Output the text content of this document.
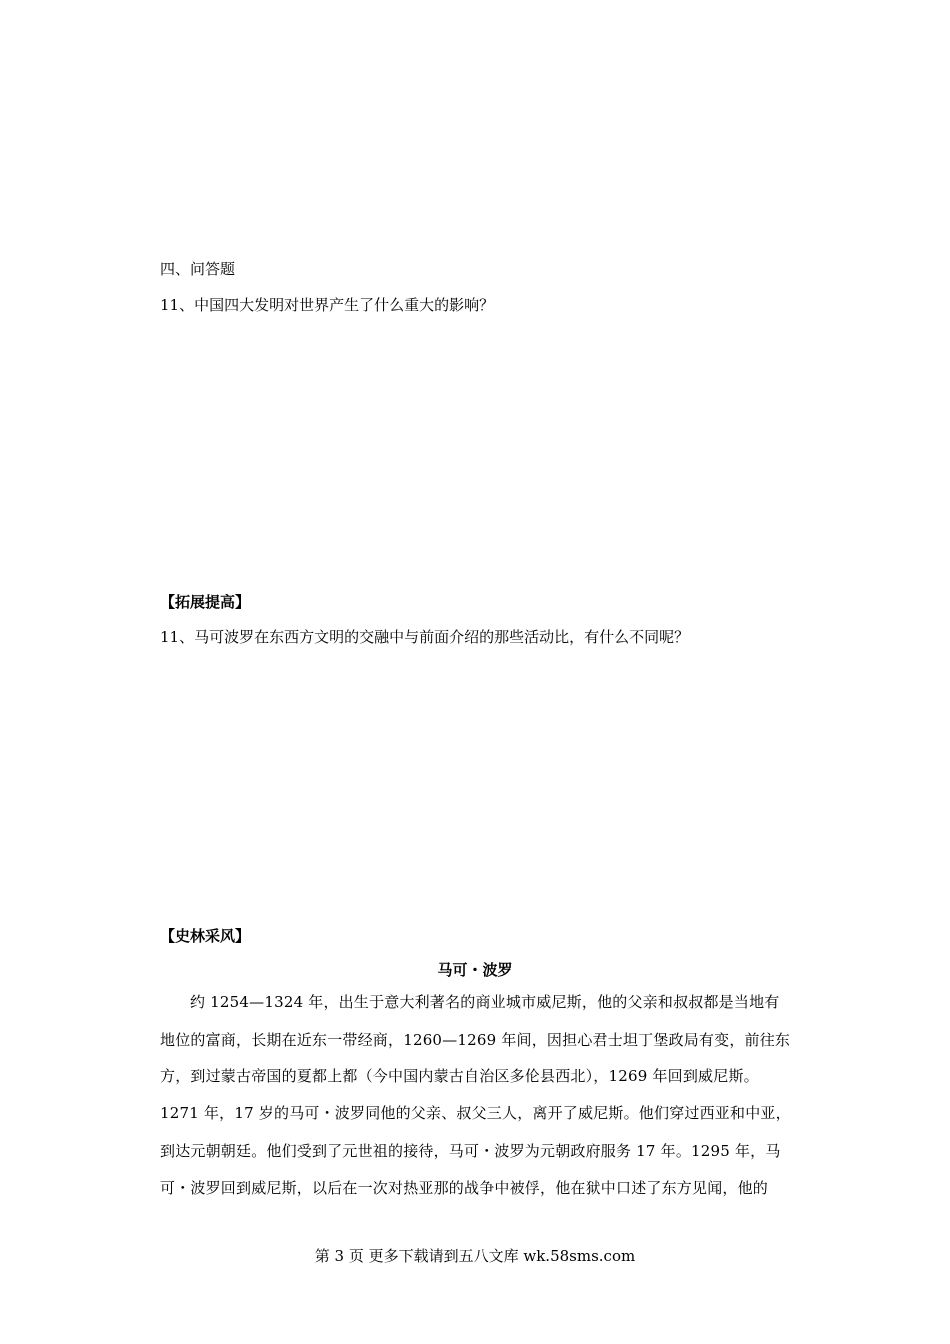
四、问答题
11、中国四大发明对世界产生了什么重大的影响？
【拓展提高】
11、马可波罗在东西方文明的交融中与前面介绍的那些活动比，有什么不同呢？
【史林采风】
马可・波罗
约 1254—1324 年，出生于意大利著名的商业城市威尼斯，他的父亲和叔叔都是当地有
地位的富商，长期在近东一带经商，1260—1269 年间，因担心君士坦丁堡政局有变，前往东
方，到过蒙古帝国的夏都上都（今中国内蒙古自治区多伦县西北），1269 年回到威尼斯。
1271 年，17 岁的马可・波罗同他的父亲、叔父三人，离开了威尼斯。他们穿过西亚和中亚，
到达元朝朝廷。他们受到了元世祖的接待，马可・波罗为元朝政府服务 17 年。1295 年，马
可・波罗回到威尼斯，以后在一次对热亚那的战争中被俘，他在狱中口述了东方见闻，他的
第 3 页 更多下载请到五八文库 wk.58sms.com
